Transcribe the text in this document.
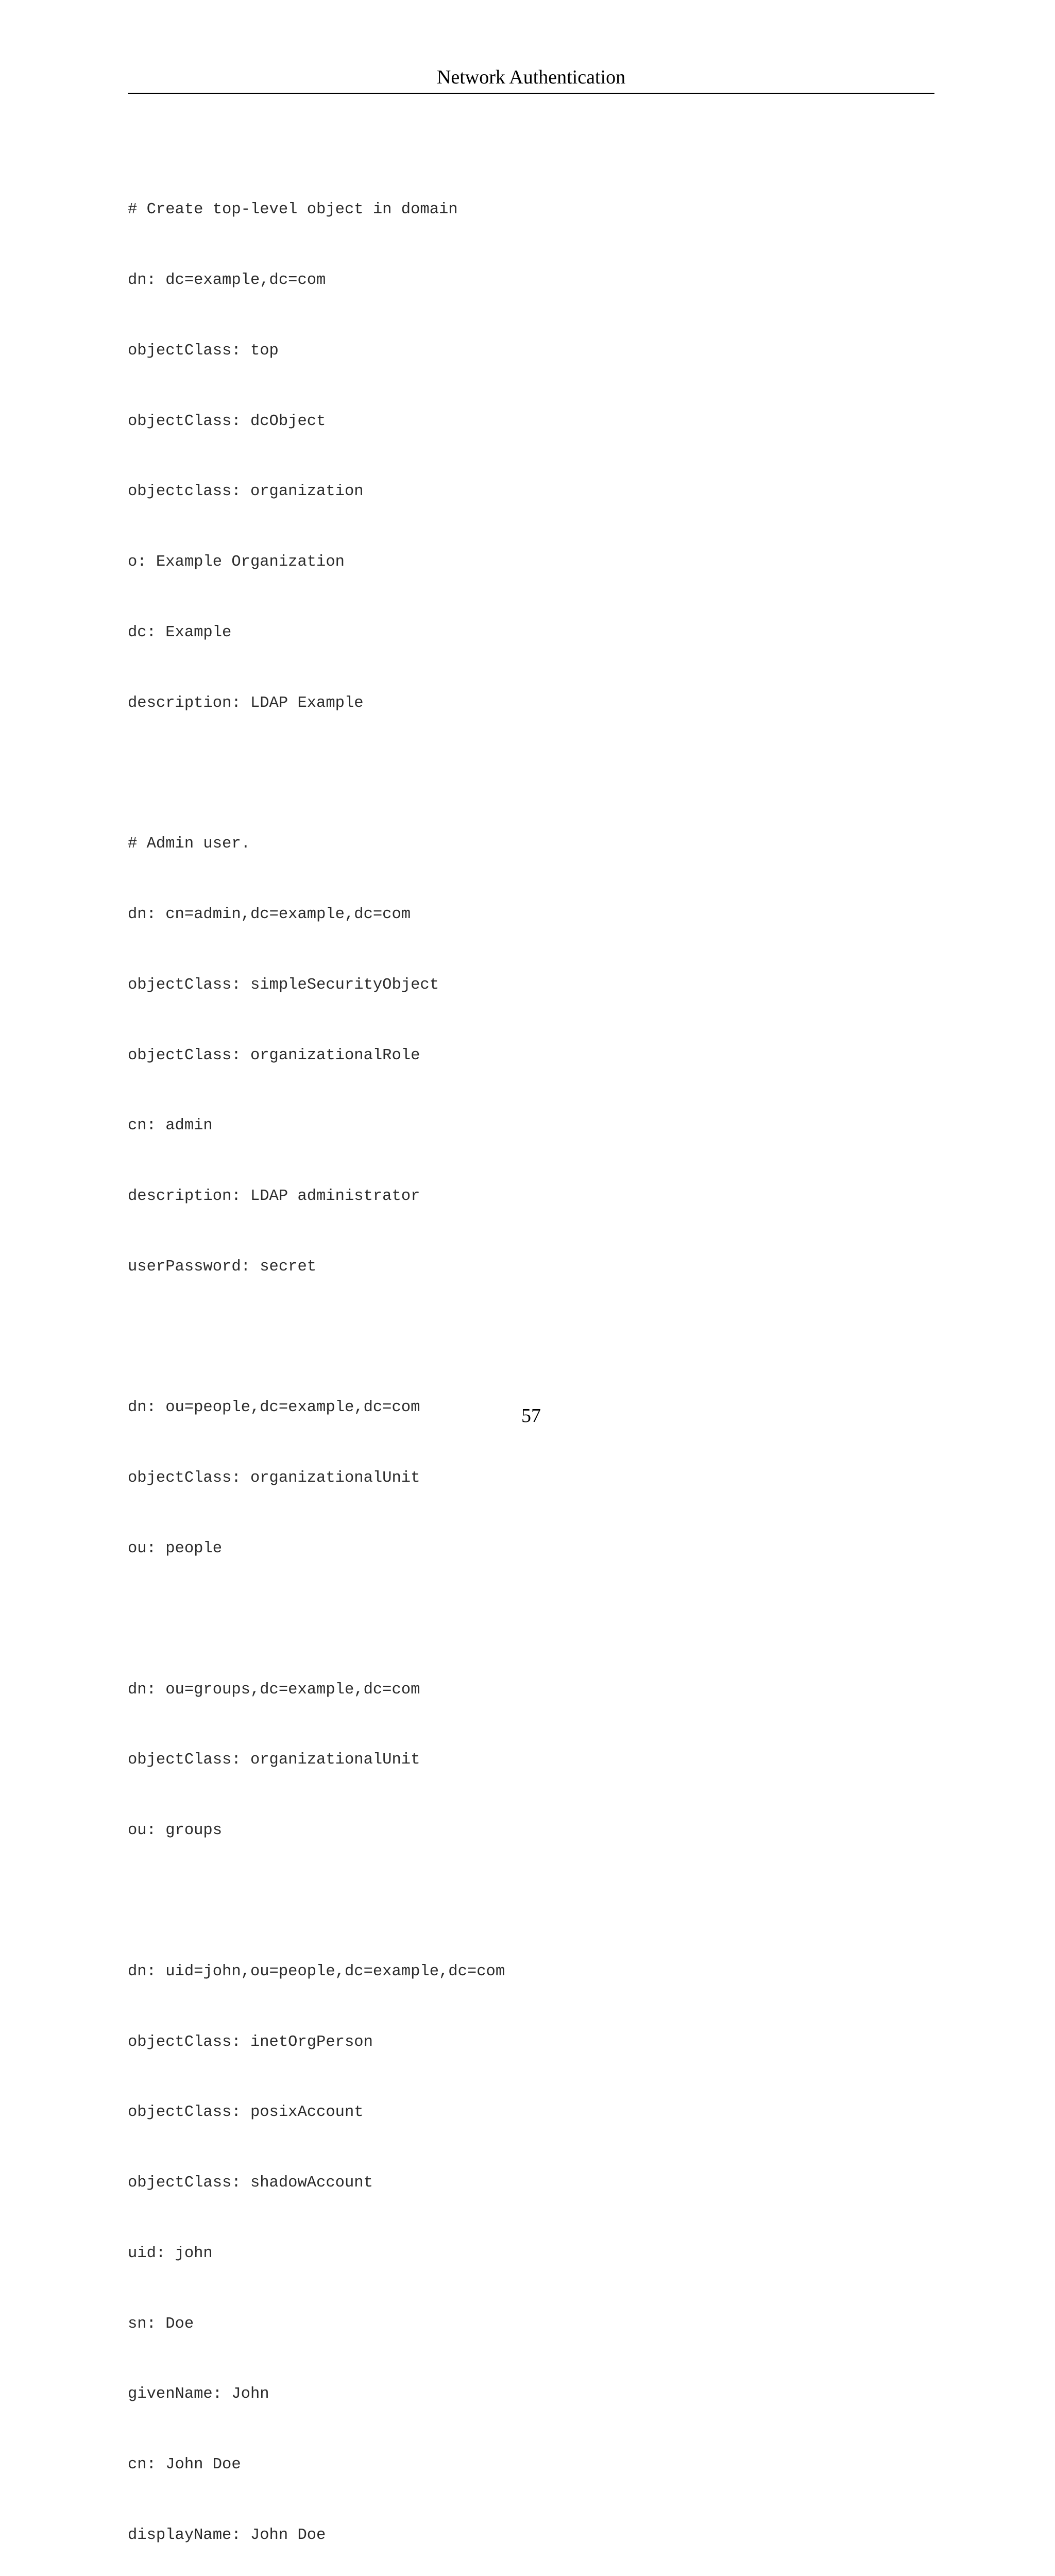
Network Authentication

# Create top-level object in domain

dn: dc=example,dc=com

objectClass: top

objectClass: dcObject

objectclass: organization

o: Example Organization

dc: Example

description: LDAP Example

# Admin user.

dn: cn=admin,dc=example,dc=com

objectClass: simpleSecurityObject

objectClass: organizationalRole

cn: admin

description: LDAP administrator

userPassword: secret

dn: ou=people,dc=example,dc=com

objectClass: organizationalUnit

ou: people

dn: ou=groups,dc=example,dc=com

objectClass: organizationalUnit

ou: groups

dn: uid=john,ou=people,dc=example,dc=com

objectClass: inetOrgPerson

objectClass: posixAccount

objectClass: shadowAccount

uid: john

sn: Doe

givenName: John

cn: John Doe

displayName: John Doe

57
